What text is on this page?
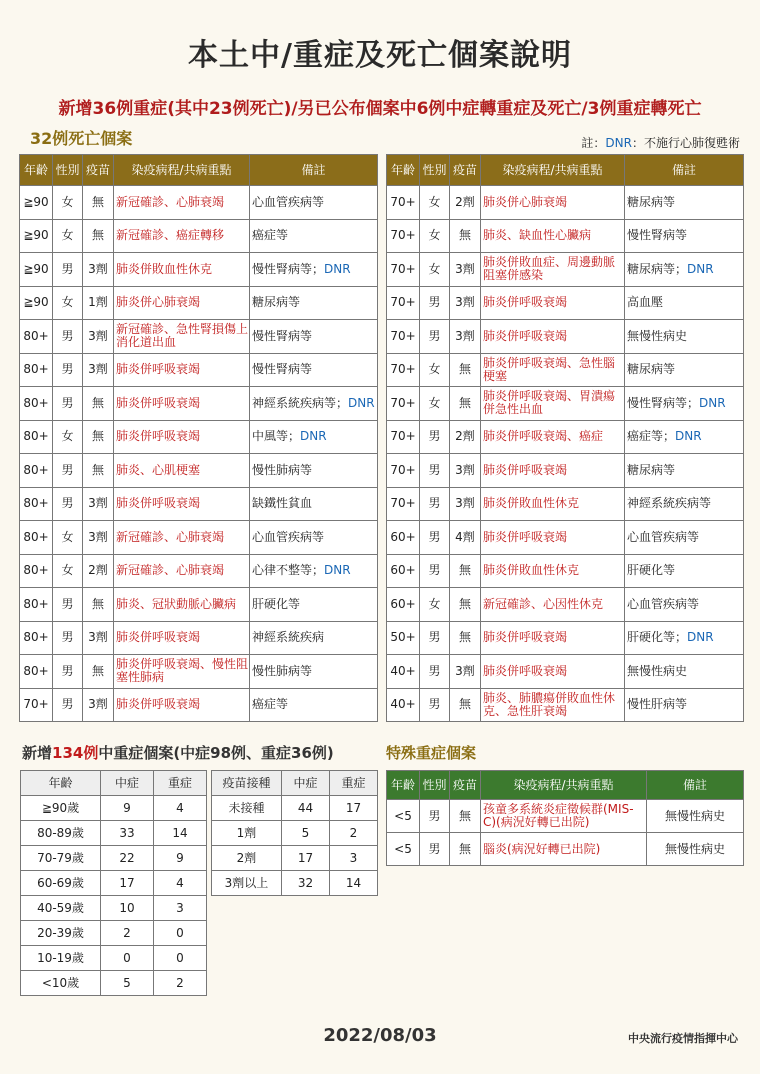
本土中/重症及死亡個案說明
新增36例重症(其中23例死亡)/另已公布個案中6例中症轉重症及死亡/3例重症轉死亡
32例死亡個案	註：DNR：不施行心肺復甦術
年齡	性別	疫苗	染疫病程/共病重點	備註
≧90	女	無	新冠確診、心肺衰竭	心血管疾病等
≧90	女	無	新冠確診、癌症轉移	癌症等
≧90	男	3劑	肺炎併敗血性休克	慢性腎病等；DNR
≧90	女	1劑	肺炎併心肺衰竭	糖尿病等
80+	男	3劑	新冠確診、急性腎損傷上消化道出血	慢性腎病等
80+	男	3劑	肺炎併呼吸衰竭	慢性腎病等
80+	男	無	肺炎併呼吸衰竭	神經系統疾病等；DNR
80+	女	無	肺炎併呼吸衰竭	中風等；DNR
80+	男	無	肺炎、心肌梗塞	慢性肺病等
80+	男	3劑	肺炎併呼吸衰竭	缺鐵性貧血
80+	女	3劑	新冠確診、心肺衰竭	心血管疾病等
80+	女	2劑	新冠確診、心肺衰竭	心律不整等；DNR
80+	男	無	肺炎、冠狀動脈心臟病	肝硬化等
80+	男	3劑	肺炎併呼吸衰竭	神經系統疾病
80+	男	無	肺炎併呼吸衰竭、慢性阻塞性肺病	慢性肺病等
70+	男	3劑	肺炎併呼吸衰竭	癌症等
年齡	性別	疫苗	染疫病程/共病重點	備註
70+	女	2劑	肺炎併心肺衰竭	糖尿病等
70+	女	無	肺炎、缺血性心臟病	慢性腎病等
70+	女	3劑	肺炎併敗血症、周邊動脈阻塞併感染	糖尿病等；DNR
70+	男	3劑	肺炎併呼吸衰竭	高血壓
70+	男	3劑	肺炎併呼吸衰竭	無慢性病史
70+	女	無	肺炎併呼吸衰竭、急性腦梗塞	糖尿病等
70+	女	無	肺炎併呼吸衰竭、胃潰瘍併急性出血	慢性腎病等；DNR
70+	男	2劑	肺炎併呼吸衰竭、癌症	癌症等；DNR
70+	男	3劑	肺炎併呼吸衰竭	糖尿病等
70+	男	3劑	肺炎併敗血性休克	神經系統疾病等
60+	男	4劑	肺炎併呼吸衰竭	心血管疾病等
60+	男	無	肺炎併敗血性休克	肝硬化等
60+	女	無	新冠確診、心因性休克	心血管疾病等
50+	男	無	肺炎併呼吸衰竭	肝硬化等；DNR
40+	男	3劑	肺炎併呼吸衰竭	無慢性病史
40+	男	無	肺炎、肺膿瘍併敗血性休克、急性肝衰竭	慢性肝病等
新增134例中重症個案(中症98例、重症36例)	特殊重症個案
年齡	中症	重症
≧90歲	9	4
80-89歲	33	14
70-79歲	22	9
60-69歲	17	4
40-59歲	10	3
20-39歲	2	0
10-19歲	0	0
<10歲	5	2
疫苗接種	中症	重症
未接種	44	17
1劑	5	2
2劑	17	3
3劑以上	32	14
年齡	性別	疫苗	染疫病程/共病重點	備註
<5	男	無	孩童多系統炎症徵候群(MIS-C)(病況好轉已出院)	無慢性病史
<5	男	無	腦炎(病況好轉已出院)	無慢性病史
2022/08/03	中央流行疫情指揮中心
